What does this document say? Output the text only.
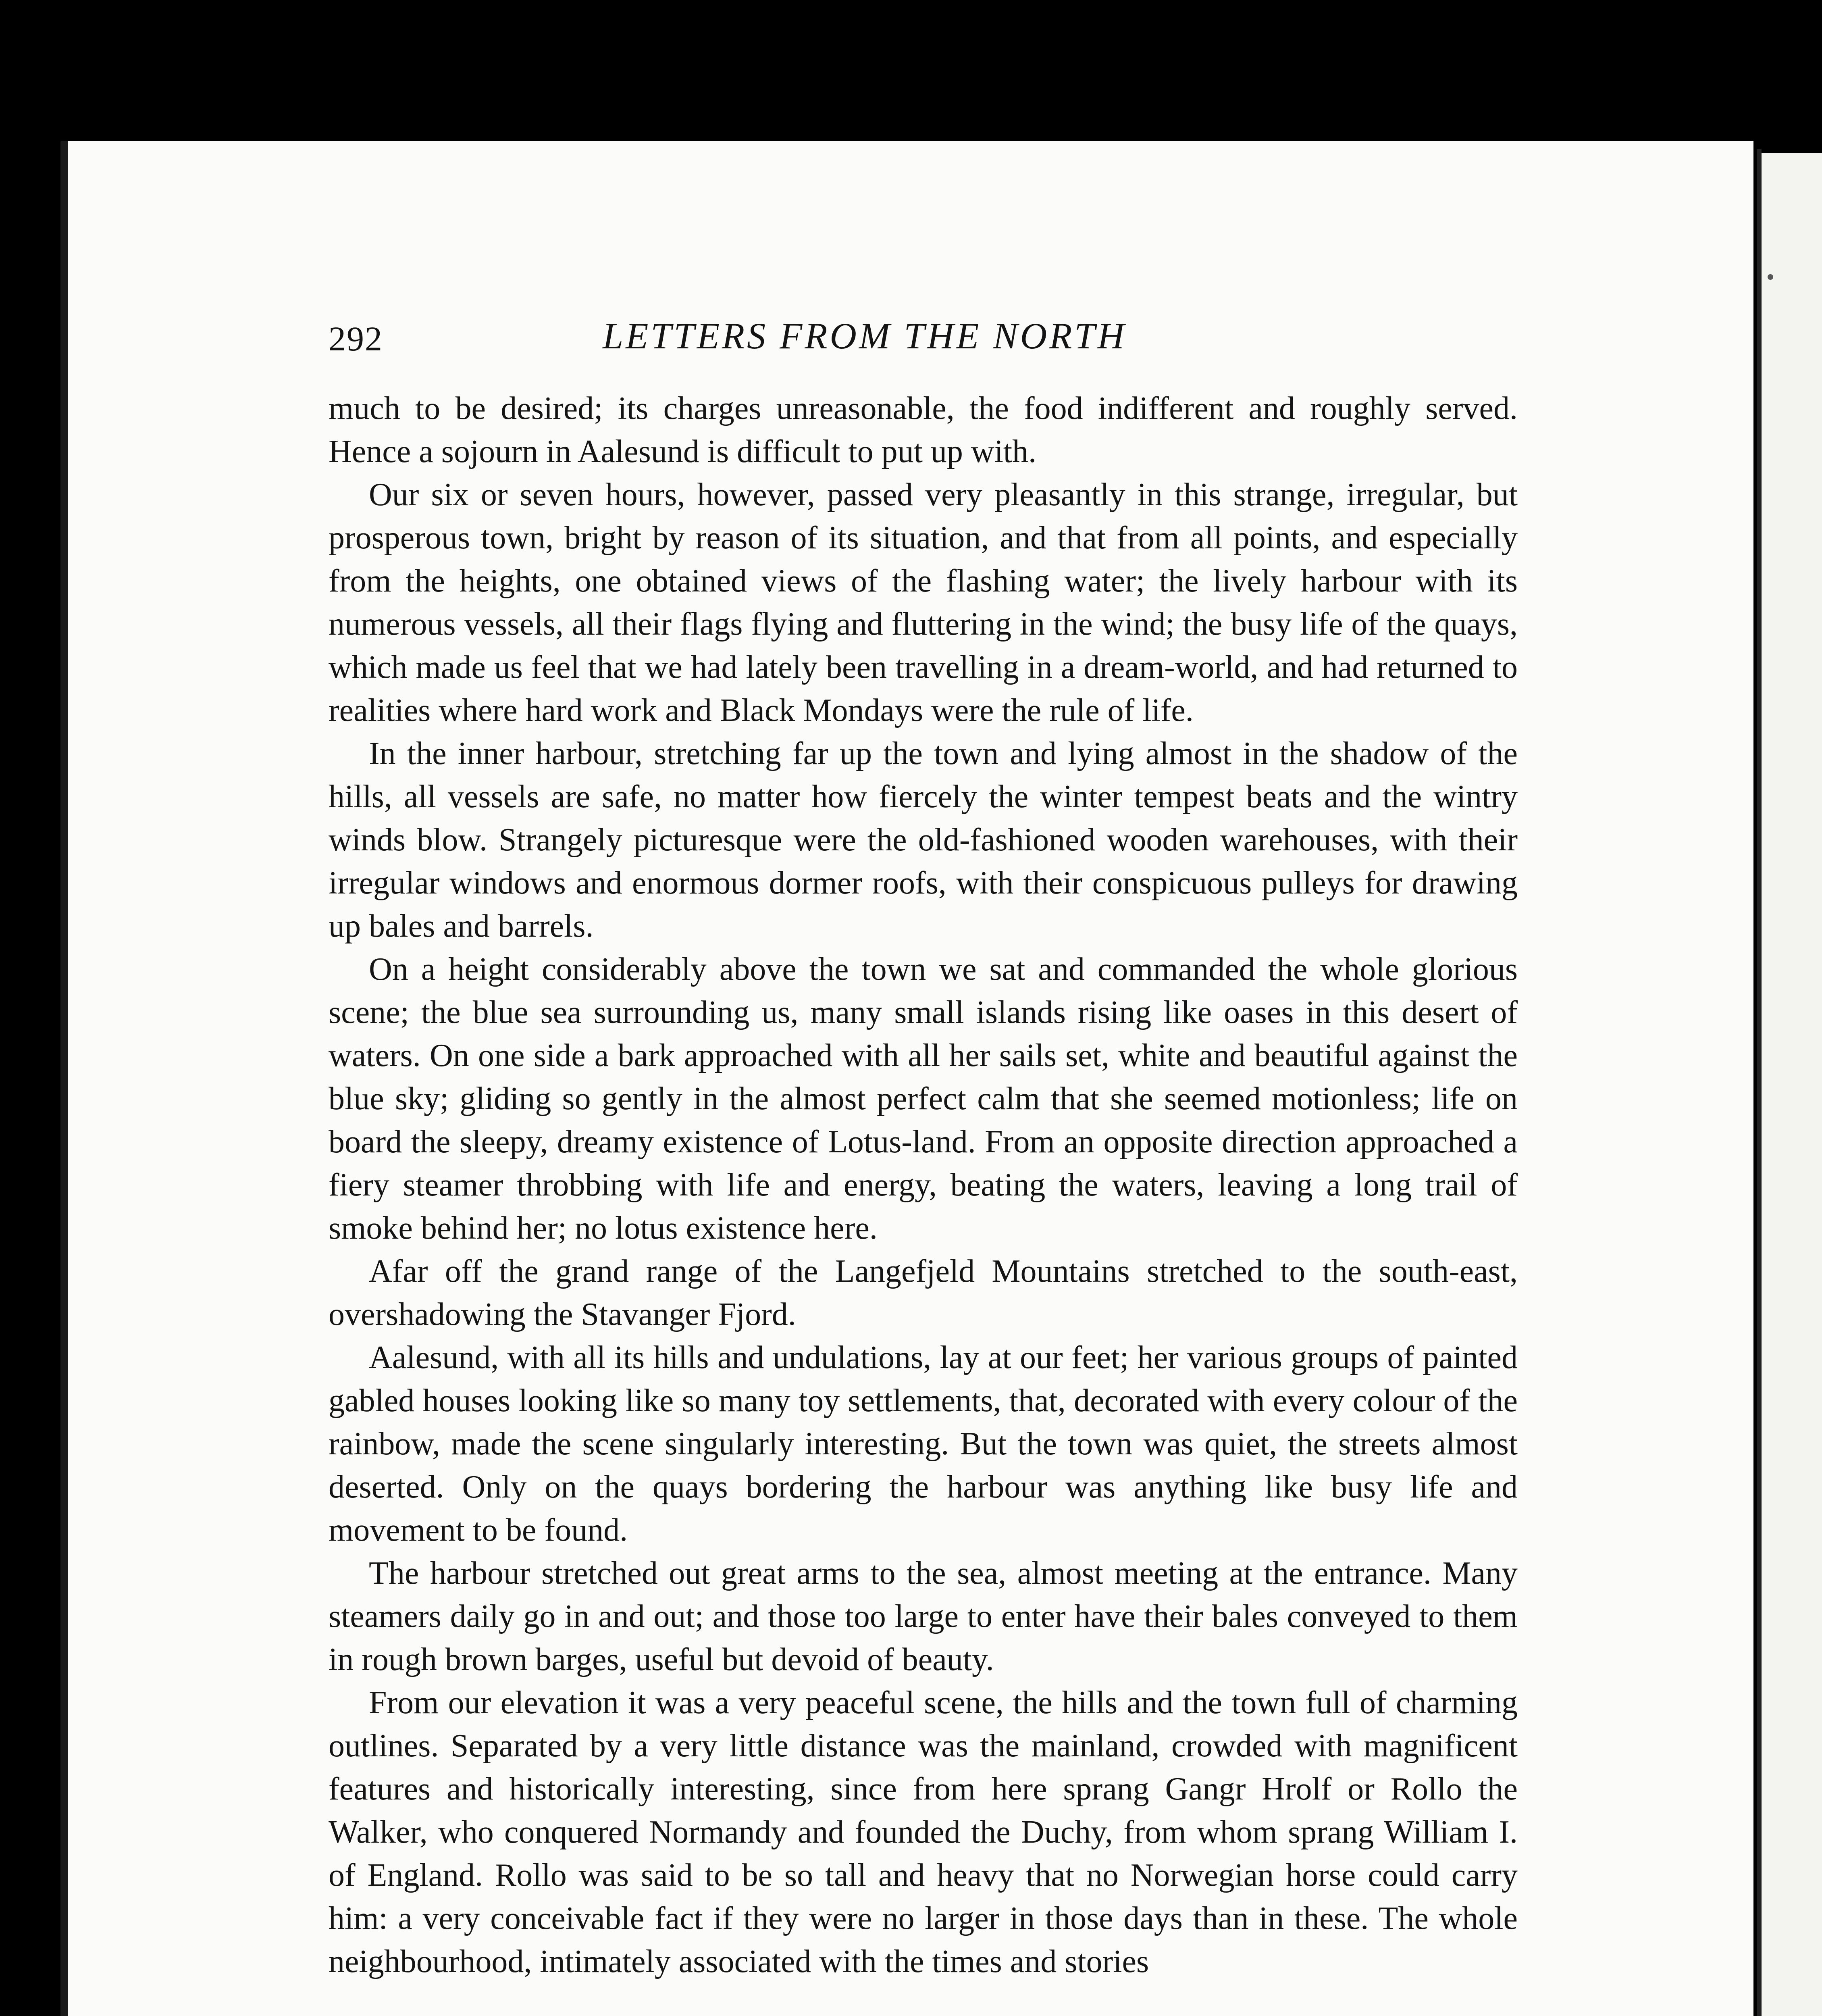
292	LETTERS FROM THE NORTH

much to be desired; its charges unreasonable, the food indifferent and roughly served. Hence a sojourn in Aalesund is difficult to put up with.

Our six or seven hours, however, passed very pleasantly in this strange, irregular, but prosperous town, bright by reason of its situation, and that from all points, and especially from the heights, one obtained views of the flashing water; the lively harbour with its numerous vessels, all their flags flying and fluttering in the wind; the busy life of the quays, which made us feel that we had lately been travelling in a dream-world, and had returned to realities where hard work and Black Mondays were the rule of life.

In the inner harbour, stretching far up the town and lying almost in the shadow of the hills, all vessels are safe, no matter how fiercely the winter tempest beats and the wintry winds blow. Strangely picturesque were the old-fashioned wooden warehouses, with their irregular windows and enormous dormer roofs, with their conspicuous pulleys for drawing up bales and barrels.

On a height considerably above the town we sat and commanded the whole glorious scene; the blue sea surrounding us, many small islands rising like oases in this desert of waters. On one side a bark approached with all her sails set, white and beautiful against the blue sky; gliding so gently in the almost perfect calm that she seemed motionless; life on board the sleepy, dreamy existence of Lotus-land. From an opposite direction approached a fiery steamer throbbing with life and energy, beating the waters, leaving a long trail of smoke behind her; no lotus existence here.

Afar off the grand range of the Langefjeld Mountains stretched to the south-east, overshadowing the Stavanger Fjord.

Aalesund, with all its hills and undulations, lay at our feet; her various groups of painted gabled houses looking like so many toy settlements, that, decorated with every colour of the rainbow, made the scene singularly interesting. But the town was quiet, the streets almost deserted. Only on the quays bordering the harbour was anything like busy life and movement to be found.

The harbour stretched out great arms to the sea, almost meeting at the entrance. Many steamers daily go in and out; and those too large to enter have their bales conveyed to them in rough brown barges, useful but devoid of beauty.

From our elevation it was a very peaceful scene, the hills and the town full of charming outlines. Separated by a very little distance was the mainland, crowded with magnificent features and historically interesting, since from here sprang Gangr Hrolf or Rollo the Walker, who conquered Normandy and founded the Duchy, from whom sprang William I. of England. Rollo was said to be so tall and heavy that no Norwegian horse could carry him: a very conceivable fact if they were no larger in those days than in these. The whole neighbourhood, intimately associated with the times and stories
